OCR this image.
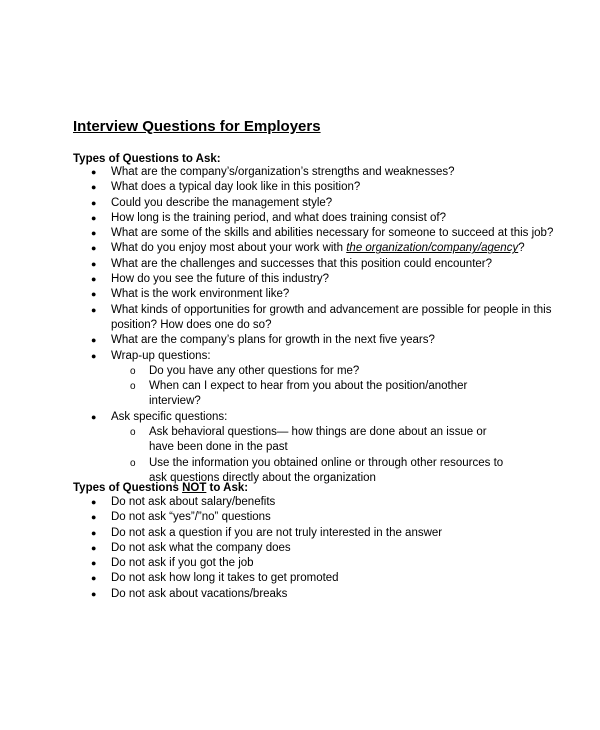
Interview Questions for Employers
Types of Questions to Ask:
●	What are the company’s/organization’s strengths and weaknesses?
●	What does a typical day look like in this position?
●	Could you describe the management style?
●	How long is the training period, and what does training consist of?
●	What are some of the skills and abilities necessary for someone to succeed at this job?
●	What do you enjoy most about your work with the organization/company/agency?
●	What are the challenges and successes that this position could encounter?
●	How do you see the future of this industry?
●	What is the work environment like?
●	What kinds of opportunities for growth and advancement are possible for people in this position? How does one do so?
●	What are the company’s plans for growth in the next five years?
●	Wrap-up questions:
o Do you have any other questions for me?
o When can I expect to hear from you about the position/another interview?
●	Ask specific questions:
o Ask behavioral questions— how things are done about an issue or have been done in the past
o Use the information you obtained online or through other resources to ask questions directly about the organization
Types of Questions NOT to Ask:
●	Do not ask about salary/benefits
●	Do not ask “yes”/”no” questions
●	Do not ask a question if you are not truly interested in the answer
●	Do not ask what the company does
●	Do not ask if you got the job
●	Do not ask how long it takes to get promoted
●	Do not ask about vacations/breaks
